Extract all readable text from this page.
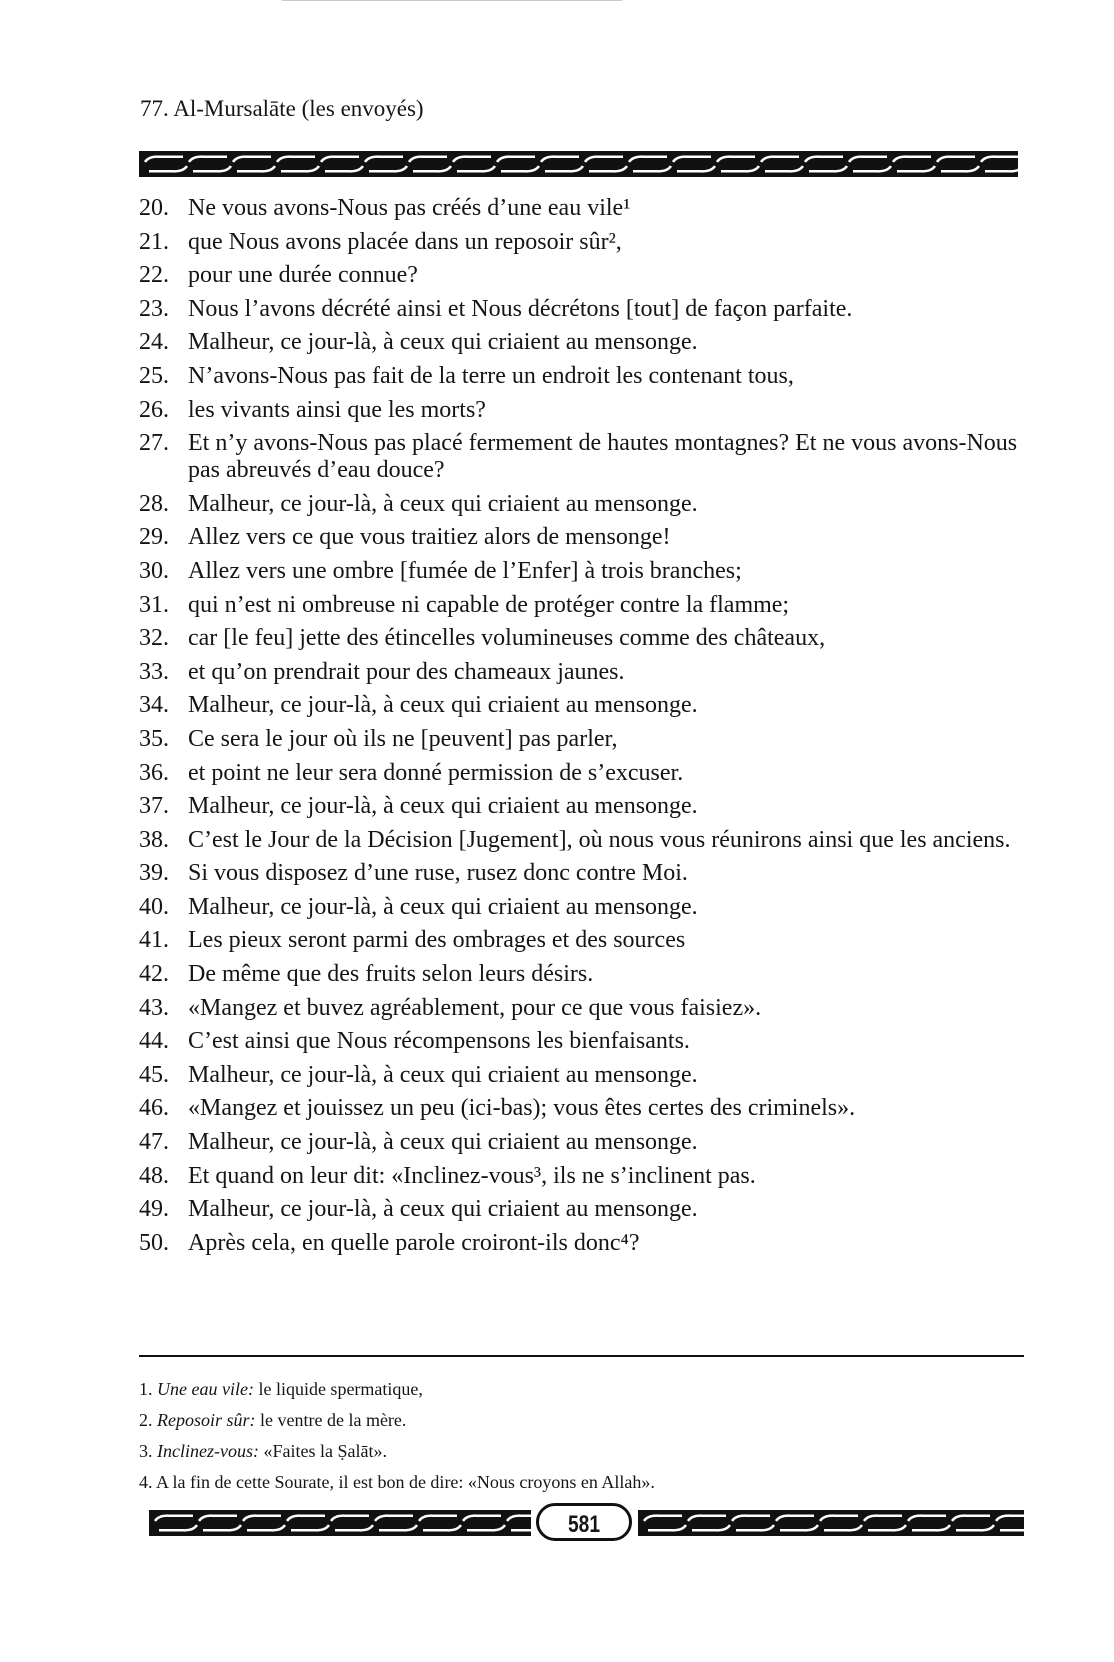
77. Al-Mursalāte (les envoyés)
20. Ne vous avons-Nous pas créés d’une eau vile¹
21. que Nous avons placée dans un reposoir sûr²,
22. pour une durée connue?
23. Nous l’avons décrété ainsi et Nous décrétons [tout] de façon parfaite.
24. Malheur, ce jour-là, à ceux qui criaient au mensonge.
25. N’avons-Nous pas fait de la terre un endroit les contenant tous,
26. les vivants ainsi que les morts?
27. Et n’y avons-Nous pas placé fermement de hautes montagnes? Et ne vous avons-Nous pas abreuvés d’eau douce?
28. Malheur, ce jour-là, à ceux qui criaient au mensonge.
29. Allez vers ce que vous traitiez alors de mensonge!
30. Allez vers une ombre [fumée de l’Enfer] à trois branches;
31. qui n’est ni ombreuse ni capable de protéger contre la flamme;
32. car [le feu] jette des étincelles volumineuses comme des châteaux,
33. et qu’on prendrait pour des chameaux jaunes.
34. Malheur, ce jour-là, à ceux qui criaient au mensonge.
35. Ce sera le jour où ils ne [peuvent] pas parler,
36. et point ne leur sera donné permission de s’excuser.
37. Malheur, ce jour-là, à ceux qui criaient au mensonge.
38. C’est le Jour de la Décision [Jugement], où nous vous réunirons ainsi que les anciens.
39. Si vous disposez d’une ruse, rusez donc contre Moi.
40. Malheur, ce jour-là, à ceux qui criaient au mensonge.
41. Les pieux seront parmi des ombrages et des sources
42. De même que des fruits selon leurs désirs.
43. «Mangez et buvez agréablement, pour ce que vous faisiez».
44. C’est ainsi que Nous récompensons les bienfaisants.
45. Malheur, ce jour-là, à ceux qui criaient au mensonge.
46. «Mangez et jouissez un peu (ici-bas); vous êtes certes des criminels».
47. Malheur, ce jour-là, à ceux qui criaient au mensonge.
48. Et quand on leur dit: «Inclinez-vous³, ils ne s’inclinent pas.
49. Malheur, ce jour-là, à ceux qui criaient au mensonge.
50. Après cela, en quelle parole croiront-ils donc⁴?
1. Une eau vile: le liquide spermatique,
2. Reposoir sûr: le ventre de la mère.
3. Inclinez-vous: «Faites la Ṣalāt».
4. A la fin de cette Sourate, il est bon de dire: «Nous croyons en Allah».
581
